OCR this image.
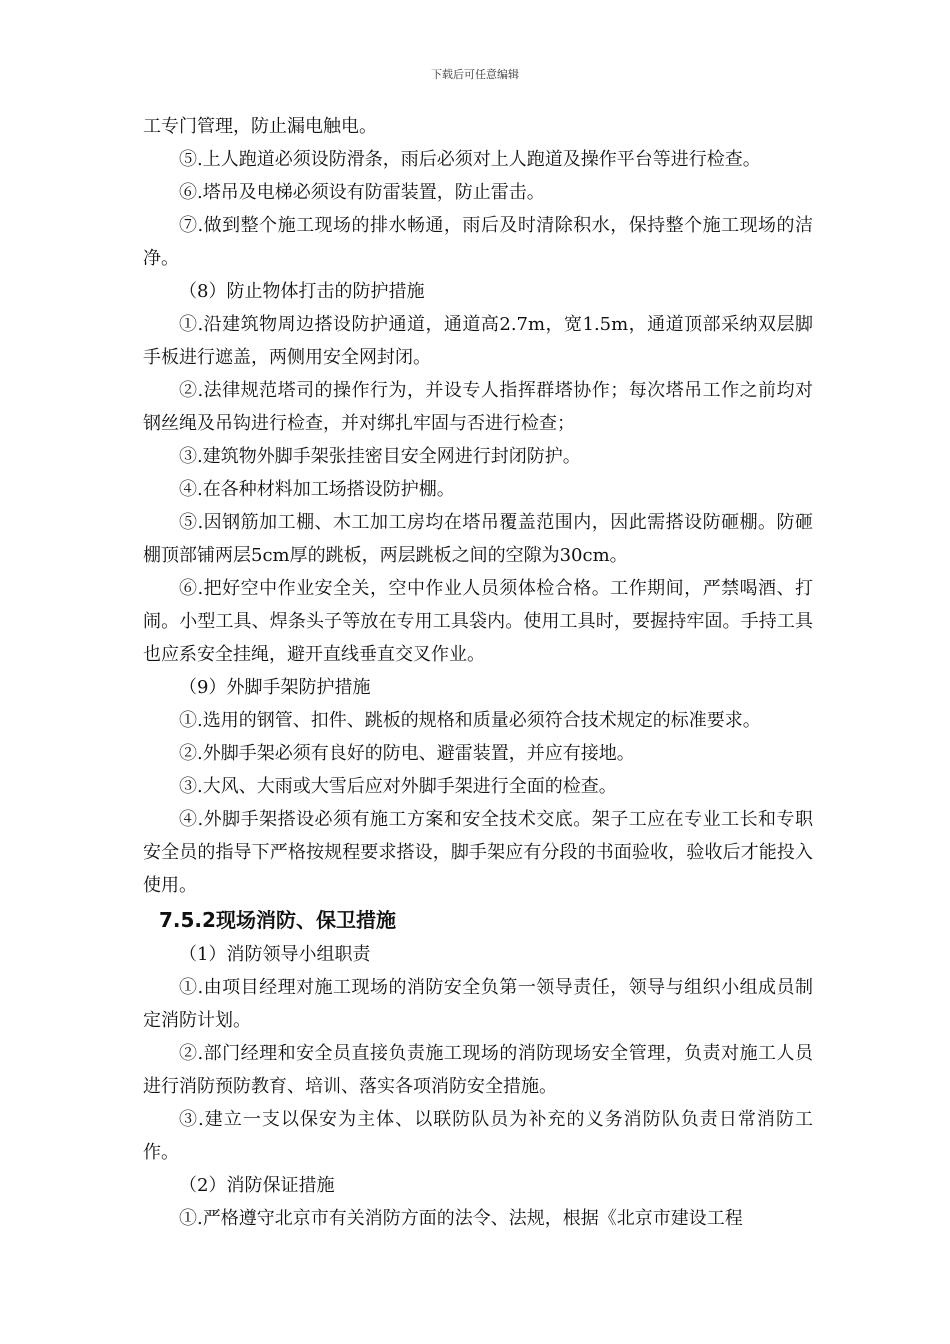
下载后可任意编辑

工专门管理，防止漏电触电。

⑤.上人跑道必须设防滑条，雨后必须对上人跑道及操作平台等进行检查。

⑥.塔吊及电梯必须设有防雷装置，防止雷击。

⑦.做到整个施工现场的排水畅通，雨后及时清除积水，保持整个施工现场的洁净。

（8）防止物体打击的防护措施

①.沿建筑物周边搭设防护通道，通道高2.7m，宽1.5m，通道顶部采纳双层脚手板进行遮盖，两侧用安全网封闭。

②.法律规范塔司的操作行为，并设专人指挥群塔协作；每次塔吊工作之前均对钢丝绳及吊钩进行检查，并对绑扎牢固与否进行检查；

③.建筑物外脚手架张挂密目安全网进行封闭防护。

④.在各种材料加工场搭设防护棚。

⑤.因钢筋加工棚、木工加工房均在塔吊覆盖范围内，因此需搭设防砸棚。防砸棚顶部铺两层5cm厚的跳板，两层跳板之间的空隙为30cm。

⑥.把好空中作业安全关，空中作业人员须体检合格。工作期间，严禁喝酒、打闹。小型工具、焊条头子等放在专用工具袋内。使用工具时，要握持牢固。手持工具也应系安全挂绳，避开直线垂直交叉作业。

（9）外脚手架防护措施

①.选用的钢管、扣件、跳板的规格和质量必须符合技术规定的标准要求。

②.外脚手架必须有良好的防电、避雷装置，并应有接地。

③.大风、大雨或大雪后应对外脚手架进行全面的检查。

④.外脚手架搭设必须有施工方案和安全技术交底。架子工应在专业工长和专职安全员的指导下严格按规程要求搭设，脚手架应有分段的书面验收，验收后才能投入使用。

7.5.2现场消防、保卫措施

（1）消防领导小组职责

①.由项目经理对施工现场的消防安全负第一领导责任，领导与组织小组成员制定消防计划。

②.部门经理和安全员直接负责施工现场的消防现场安全管理，负责对施工人员进行消防预防教育、培训、落实各项消防安全措施。

③.建立一支以保安为主体、以联防队员为补充的义务消防队负责日常消防工作。

（2）消防保证措施

①.严格遵守北京市有关消防方面的法令、法规，根据《北京市建设工程
